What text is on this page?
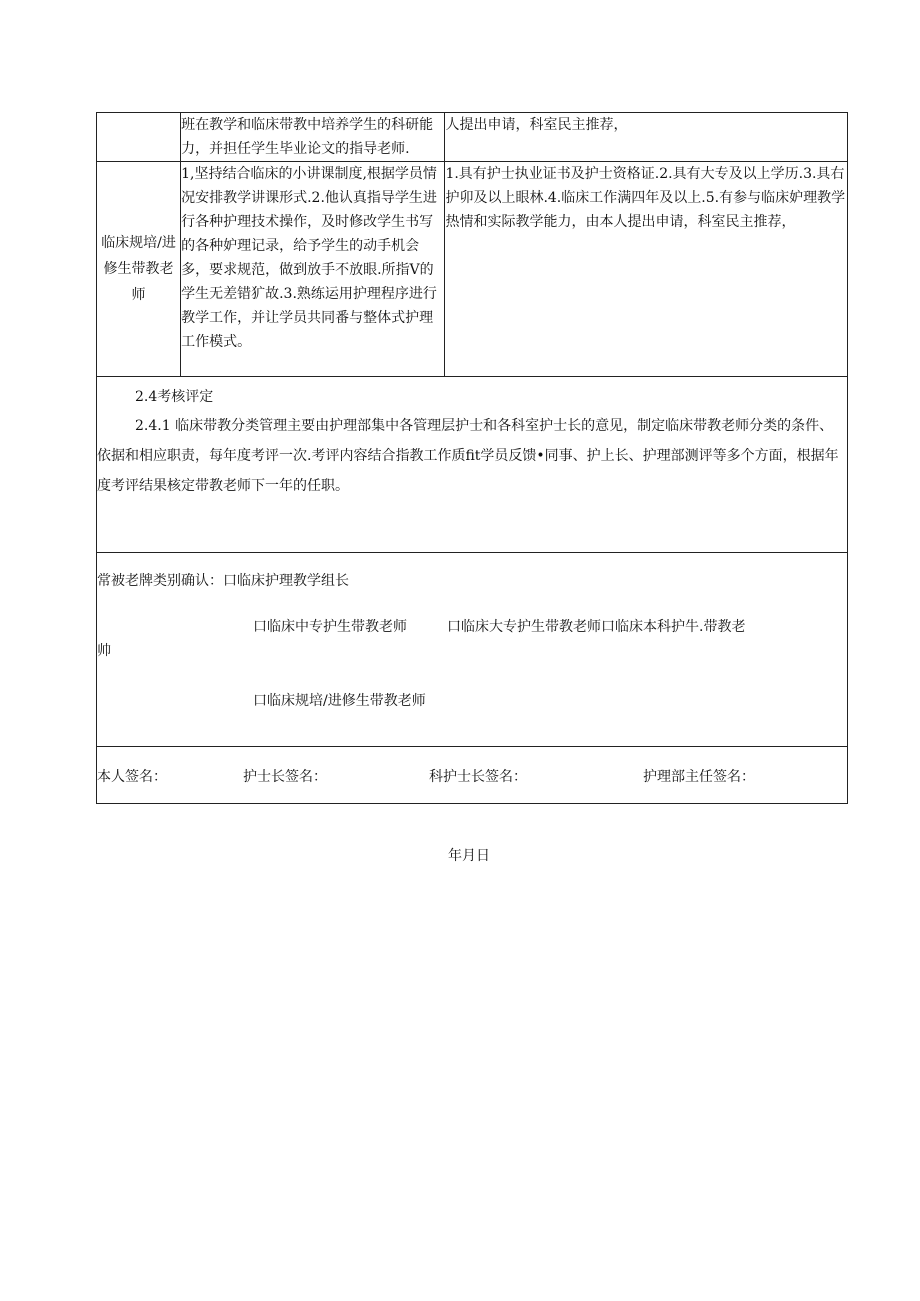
	班在教学和临床带教中培养学生的科研能力，并担任学生毕业论文的指导老师.	人提出申请，科室民主推荐，

临床规培/进修生带教老师	1,坚持结合临床的小讲课制度,根据学员情况安排教学讲课形式.2.他认真指导学生进行各种护理技术操作，及时修改学生书写的各种妒理记录，给予学生的动手机会多，要求规范，做到放手不放眼.所指V的学生无差错犷故.3.熟练运用护理程序进行教学工作，并让学员共同番与整体式护理工作模式。	1.具有护士执业证书及护士资格证.2.具有大专及以上学历.3.具右护卯及以上眼林.4.临床工作满四年及以上.5.有参与临床妒理教学热情和实际教学能力，由本人提出申请，科室民主推荐，

2.4考核评定
2.4.1 临床带教分类管理主要由护理部集中各管理层护士和各科室护士长的意见，制定临床带教老师分类的条件、依据和相应职责，每年度考评一次.考评内容结合指教工作质fit学员反馈•同事、护上长、护理部测评等多个方面，根据年度考评结果核定带教老师下一年的任职。		

常被老牌类别确认：口临床护理教学组长
口临床中专护生带教老师 口临床大专护生带教老师口临床本科护牛.带教老
帅
口临床规培/进修生带教老师		

本人签名： 护士长签名： 科护士长签名： 护理部主任签名：		
年月日
